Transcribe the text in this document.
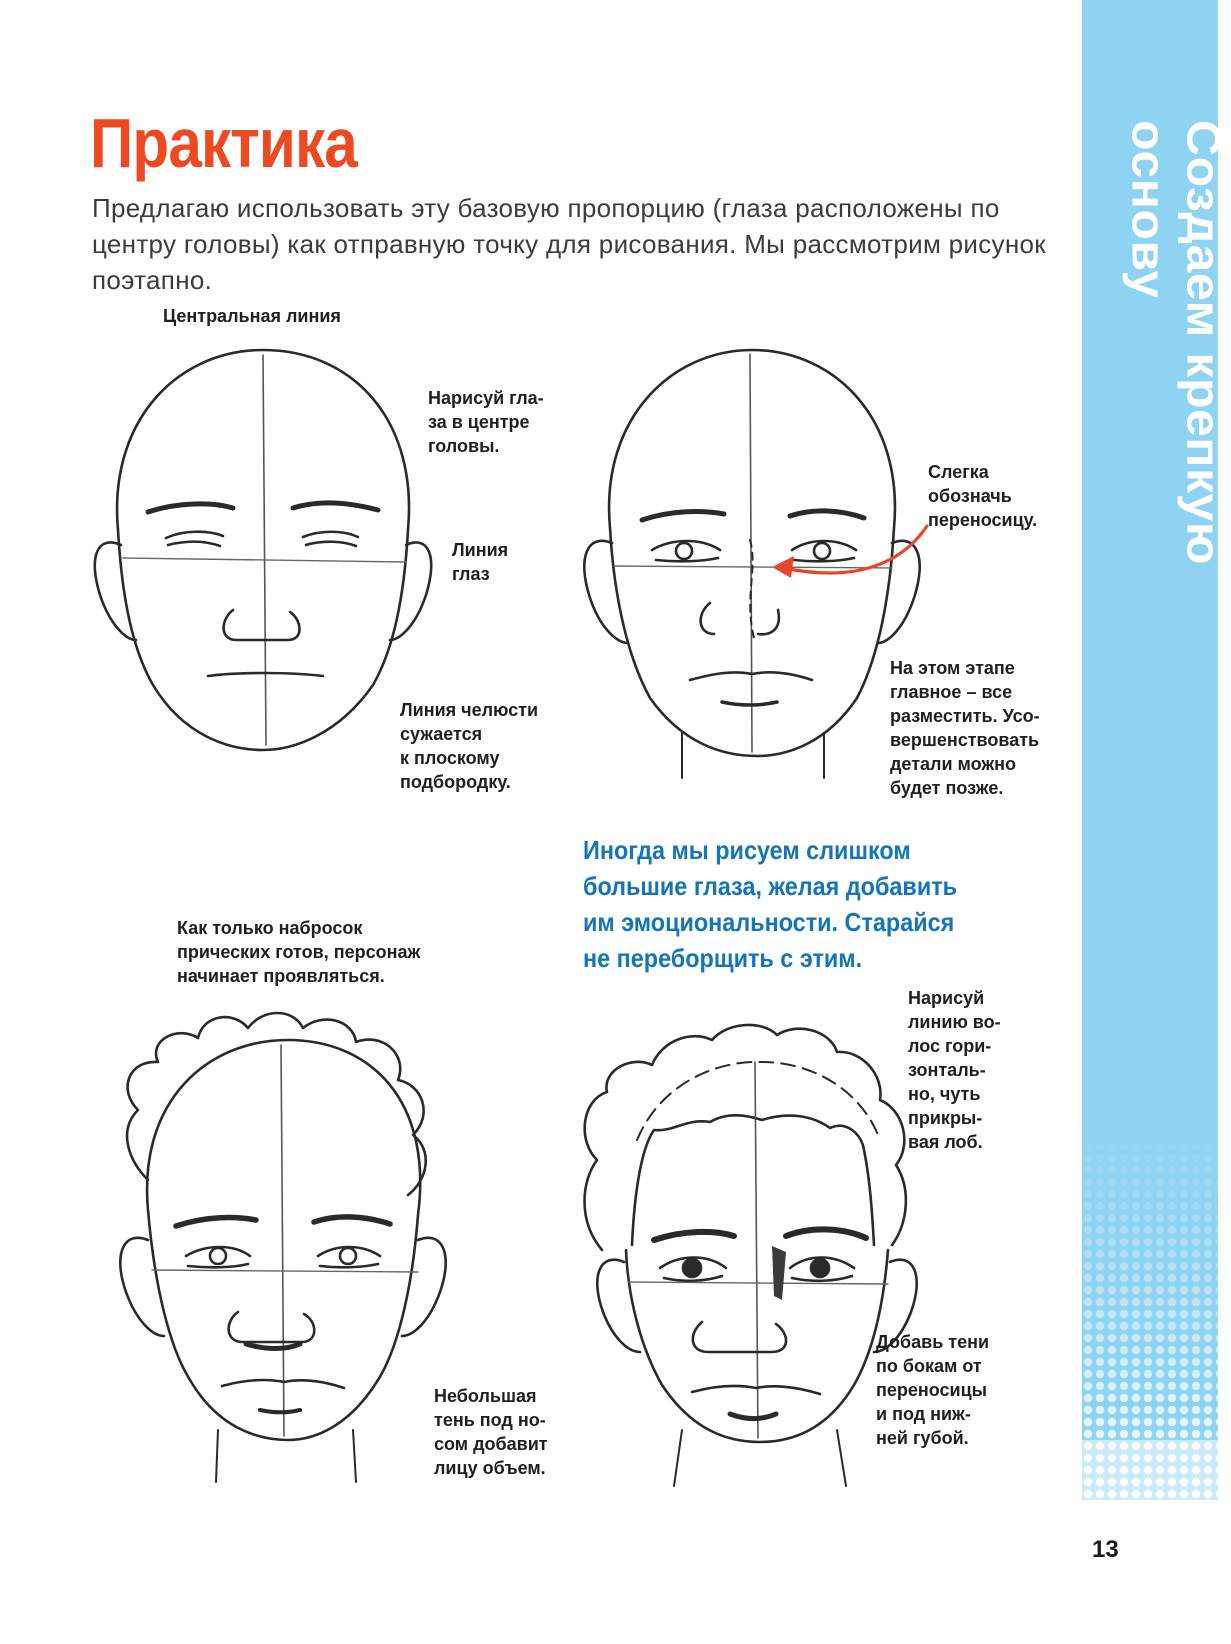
Практика

Предлагаю использовать эту базовую пропорцию (глаза расположены по центру головы) как отправную точку для рисования. Мы рассмотрим рисунок поэтапно.	Создаем крепкую основу

13

Центральная линия

Нарисуй гла-
за в центре
головы.

Линия
глаз

Линия челюсти
сужается
к плоскому
подбородку.

Слегка
обозначь
переносицу.

На этом этапе
главное – все
разместить. Усо-
вершенствовать
детали можно
будет позже.

Иногда мы рисуем слишком
большие глаза, желая добавить
им эмоциональности. Старайся
не переборщить с этим.

Как только набросок
прических готов, персонаж
начинает проявляться.

Небольшая
тень под но-
сом добавит
лицу объем.

Нарисуй
линию во-
лос гори-
зонталь-
но, чуть
прикры-
вая лоб.

Добавь тени
по бокам от
переносицы
и под ниж-
ней губой.
